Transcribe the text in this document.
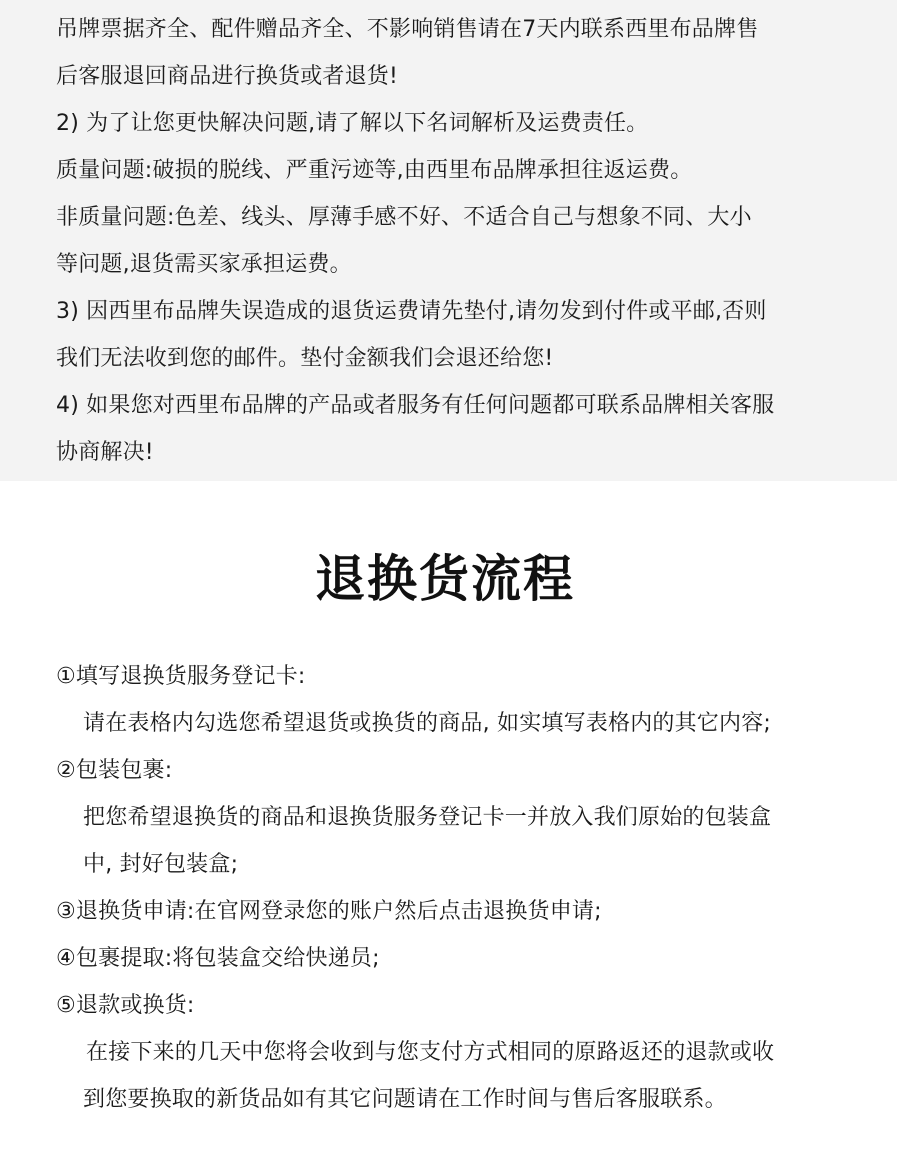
吊牌票据齐全、配件赠品齐全、不影响销售请在7天内联系西里布品牌售
后客服退回商品进行换货或者退货!
2) 为了让您更快解决问题,请了解以下名词解析及运费责任。
质量问题:破损的脱线、严重污迹等,由西里布品牌承担往返运费。
非质量问题:色差、线头、厚薄手感不好、不适合自己与想象不同、大小
等问题,退货需买家承担运费。
3) 因西里布品牌失误造成的退货运费请先垫付,请勿发到付件或平邮,否则
我们无法收到您的邮件。垫付金额我们会退还给您!
4) 如果您对西里布品牌的产品或者服务有任何问题都可联系品牌相关客服
协商解决!
退换货流程
①填写退换货服务登记卡:
请在表格内勾选您希望退货或换货的商品, 如实填写表格内的其它内容;
②包装包裹:
把您希望退换货的商品和退换货服务登记卡一并放入我们原始的包装盒
中, 封好包装盒;
③退换货申请:在官网登录您的账户然后点击退换货申请;
④包裹提取:将包装盒交给快递员;
⑤退款或换货:
在接下来的几天中您将会收到与您支付方式相同的原路返还的退款或收
到您要换取的新货品如有其它问题请在工作时间与售后客服联系。
